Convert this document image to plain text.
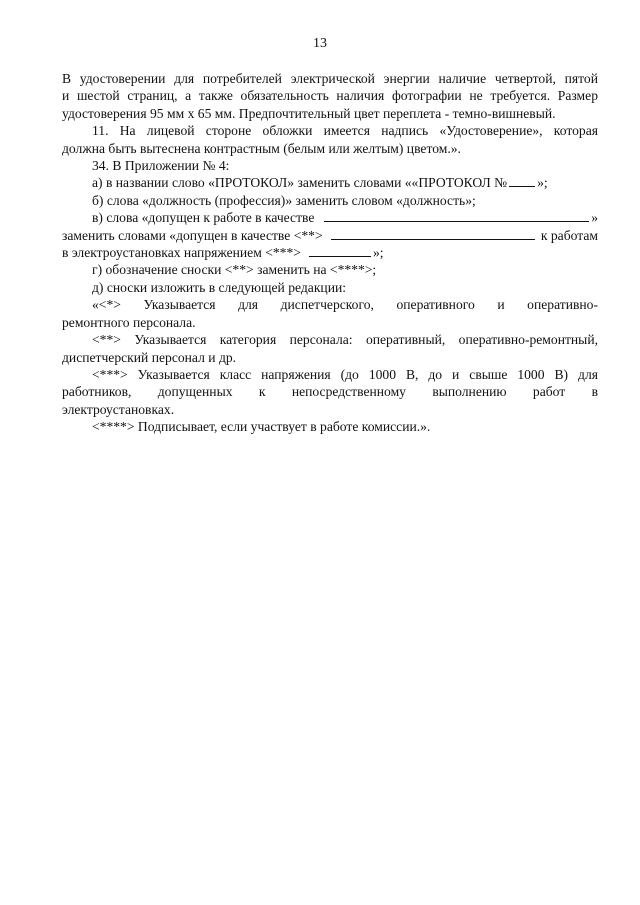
13

В удостоверении для потребителей электрической энергии наличие четвертой, пятой

и шестой страниц, а также обязательность наличия фотографии не требуется. Размер

удостоверения 95 мм х 65 мм. Предпочтительный цвет переплета - темно-вишневый.

11. На лицевой стороне обложки имеется надпись «Удостоверение», которая

должна быть вытеснена контрастным (белым или желтым) цветом.».

34. В Приложении № 4:

а) в названии слово «ПРОТОКОЛ» заменить словами ««ПРОТОКОЛ № »;

б) слова «должность (профессия)» заменить словом «должность»;

в) слова «допущен к работе в качестве	»
заменить словами «допущен в качестве <**>	к работам
в электроустановках напряжением <***>	»;

г) обозначение сноски <**> заменить на <****>;

д) сноски изложить в следующей редакции:

«<*> Указывается для диспетчерского, оперативного и оперативно-

ремонтного персонала.

<**> Указывается категория персонала: оперативный, оперативно-ремонтный,

диспетчерский персонал и др.

<***> Указывается класс напряжения (до 1000 В, до и свыше 1000 В) для

работников, допущенных к непосредственному выполнению работ в

электроустановках.

<****> Подписывает, если участвует в работе комиссии.».
